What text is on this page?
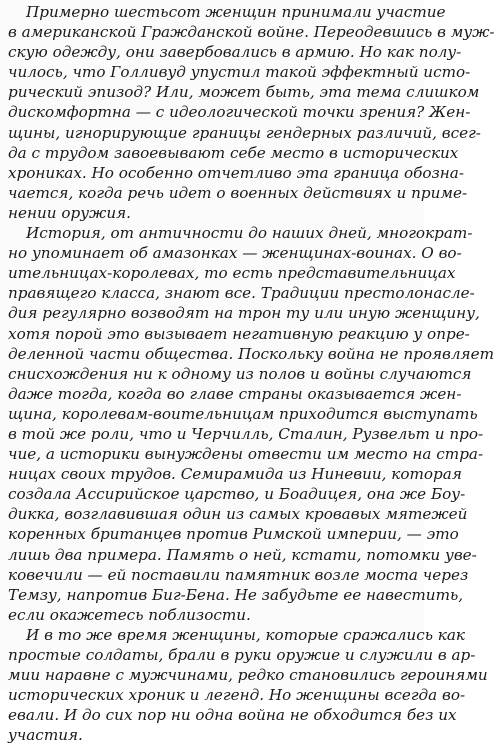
Примерно шестьсот женщин принимали участие
в американской Гражданской войне. Переодевшись в муж-
скую одежду, они завербовались в армию. Но как полу-
чилось, что Голливуд упустил такой эффектный исто-
рический эпизод? Или, может быть, эта тема слишком
дискомфортна — с идеологической точки зрения? Жен-
щины, игнорирующие границы гендерных различий, всег-
да с трудом завоевывают себе место в исторических
хрониках. Но особенно отчетливо эта граница обозна-
чается, когда речь идет о военных действиях и приме-
нении оружия.
История, от античности до наших дней, многократ-
но упоминает об амазонках — женщинах-воинах. О во-
ительницах-королевах, то есть представительницах
правящего класса, знают все. Традиции престолонасле-
дия регулярно возводят на трон ту или иную женщину,
хотя порой это вызывает негативную реакцию у опре-
деленной части общества. Поскольку война не проявляет
снисхождения ни к одному из полов и войны случаются
даже тогда, когда во главе страны оказывается жен-
щина, королевам-воительницам приходится выступать
в той же роли, что и Черчилль, Сталин, Рузвельт и про-
чие, а историки вынуждены отвести им место на стра-
ницах своих трудов. Семирамида из Ниневии, которая
создала Ассирийское царство, и Боадицея, она же Боу-
дикка, возглавившая один из самых кровавых мятежей
коренных британцев против Римской империи, — это
лишь два примера. Память о ней, кстати, потомки уве-
ковечили — ей поставили памятник возле моста через
Темзу, напротив Биг-Бена. Не забудьте ее навестить,
если окажетесь поблизости.
И в то же время женщины, которые сражались как
простые солдаты, брали в руки оружие и служили в ар-
мии наравне с мужчинами, редко становились героинями
исторических хроник и легенд. Но женщины всегда во-
евали. И до сих пор ни одна война не обходится без их
участия.
